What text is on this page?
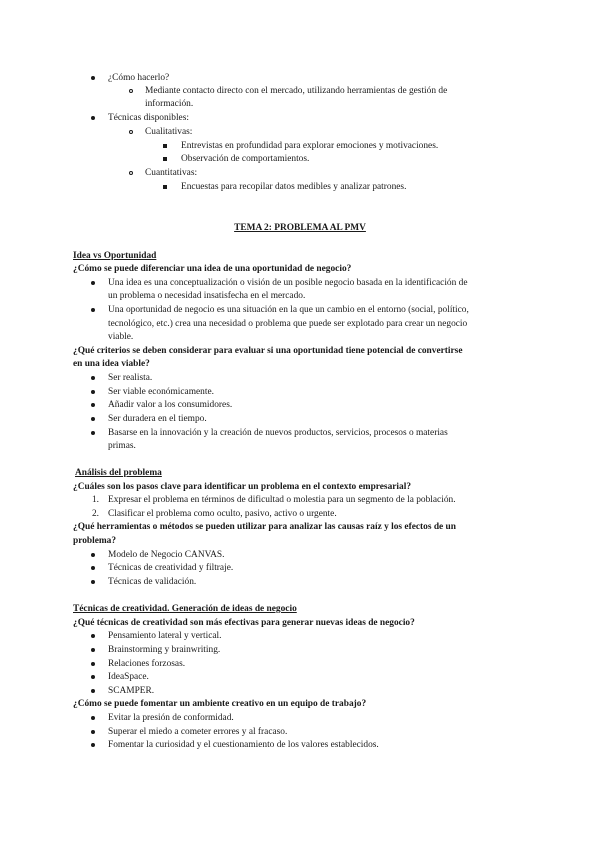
¿Cómo hacerlo?
Mediante contacto directo con el mercado, utilizando herramientas de gestión de
información.
Técnicas disponibles:
Cualitativas:
Entrevistas en profundidad para explorar emociones y motivaciones.
Observación de comportamientos.
Cuantitativas:
Encuestas para recopilar datos medibles y analizar patrones.
TEMA 2: PROBLEMA AL PMV
Idea vs Oportunidad
¿Cómo se puede diferenciar una idea de una oportunidad de negocio?
Una idea es una conceptualización o visión de un posible negocio basada en la identificación de
un problema o necesidad insatisfecha en el mercado.
Una oportunidad de negocio es una situación en la que un cambio en el entorno (social, político,
tecnológico, etc.) crea una necesidad o problema que puede ser explotado para crear un negocio
viable.
¿Qué criterios se deben considerar para evaluar si una oportunidad tiene potencial de convertirse
en una idea viable?
Ser realista.
Ser viable económicamente.
Añadir valor a los consumidores.
Ser duradera en el tiempo.
Basarse en la innovación y la creación de nuevos productos, servicios, procesos o materias
primas.
Análisis del problema
¿Cuáles son los pasos clave para identificar un problema en el contexto empresarial?
1. Expresar el problema en términos de dificultad o molestia para un segmento de la población.
2. Clasificar el problema como oculto, pasivo, activo o urgente.
¿Qué herramientas o métodos se pueden utilizar para analizar las causas raíz y los efectos de un
problema?
Modelo de Negocio CANVAS.
Técnicas de creatividad y filtraje.
Técnicas de validación.
Técnicas de creatividad. Generación de ideas de negocio
¿Qué técnicas de creatividad son más efectivas para generar nuevas ideas de negocio?
Pensamiento lateral y vertical.
Brainstorming y brainwriting.
Relaciones forzosas.
IdeaSpace.
SCAMPER.
¿Cómo se puede fomentar un ambiente creativo en un equipo de trabajo?
Evitar la presión de conformidad.
Superar el miedo a cometer errores y al fracaso.
Fomentar la curiosidad y el cuestionamiento de los valores establecidos.
